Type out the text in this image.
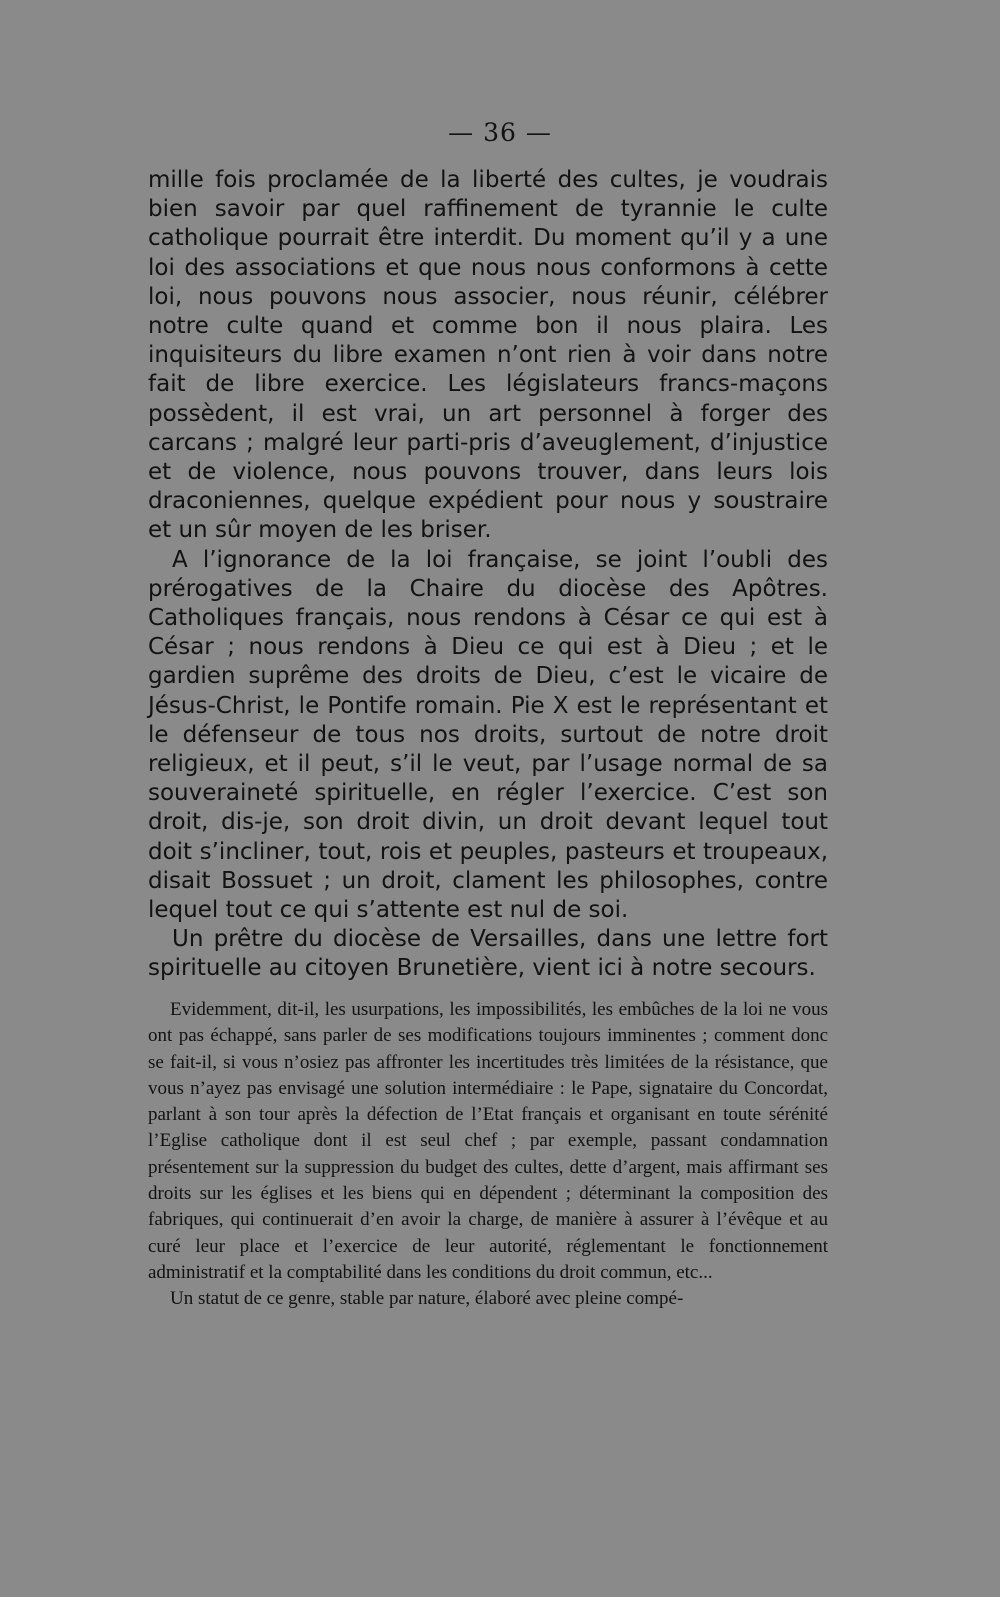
— 36 —

mille fois proclamée de la liberté des cultes, je voudrais bien savoir par quel raffinement de tyrannie le culte catholique pourrait être interdit. Du moment qu’il y a une loi des associations et que nous nous conformons à cette loi, nous pouvons nous associer, nous réunir, célébrer notre culte quand et comme bon il nous plaira. Les inquisiteurs du libre examen n’ont rien à voir dans notre fait de libre exercice. Les législateurs francs-maçons possèdent, il est vrai, un art personnel à forger des carcans ; malgré leur parti-pris d’aveuglement, d’injustice et de violence, nous pouvons trouver, dans leurs lois draconiennes, quelque expédient pour nous y soustraire et un sûr moyen de les briser.

A l’ignorance de la loi française, se joint l’oubli des prérogatives de la Chaire du diocèse des Apôtres. Catholiques français, nous rendons à César ce qui est à César ; nous rendons à Dieu ce qui est à Dieu ; et le gardien suprême des droits de Dieu, c’est le vicaire de Jésus-Christ, le Pontife romain. Pie X est le représentant et le défenseur de tous nos droits, surtout de notre droit religieux, et il peut, s’il le veut, par l’usage normal de sa souveraineté spirituelle, en régler l’exercice. C’est son droit, dis-je, son droit divin, un droit devant lequel tout doit s’incliner, tout, rois et peuples, pasteurs et troupeaux, disait Bossuet ; un droit, clament les philosophes, contre lequel tout ce qui s’attente est nul de soi.

Un prêtre du diocèse de Versailles, dans une lettre fort spirituelle au citoyen Brunetière, vient ici à notre secours.

Evidemment, dit-il, les usurpations, les impossibilités, les embûches de la loi ne vous ont pas échappé, sans parler de ses modifications toujours imminentes ; comment donc se fait-il, si vous n’osiez pas affronter les incertitudes très limitées de la résistance, que vous n’ayez pas envisagé une solution intermédiaire : le Pape, signataire du Concordat, parlant à son tour après la défection de l’Etat français et organisant en toute sérénité l’Eglise catholique dont il est seul chef ; par exemple, passant condamnation présentement sur la suppression du budget des cultes, dette d’argent, mais affirmant ses droits sur les églises et les biens qui en dépendent ; déterminant la composition des fabriques, qui continuerait d’en avoir la charge, de manière à assurer à l’évêque et au curé leur place et l’exercice de leur autorité, réglementant le fonctionnement administratif et la comptabilité dans les conditions du droit commun, etc...

Un statut de ce genre, stable par nature, élaboré avec pleine compé-
